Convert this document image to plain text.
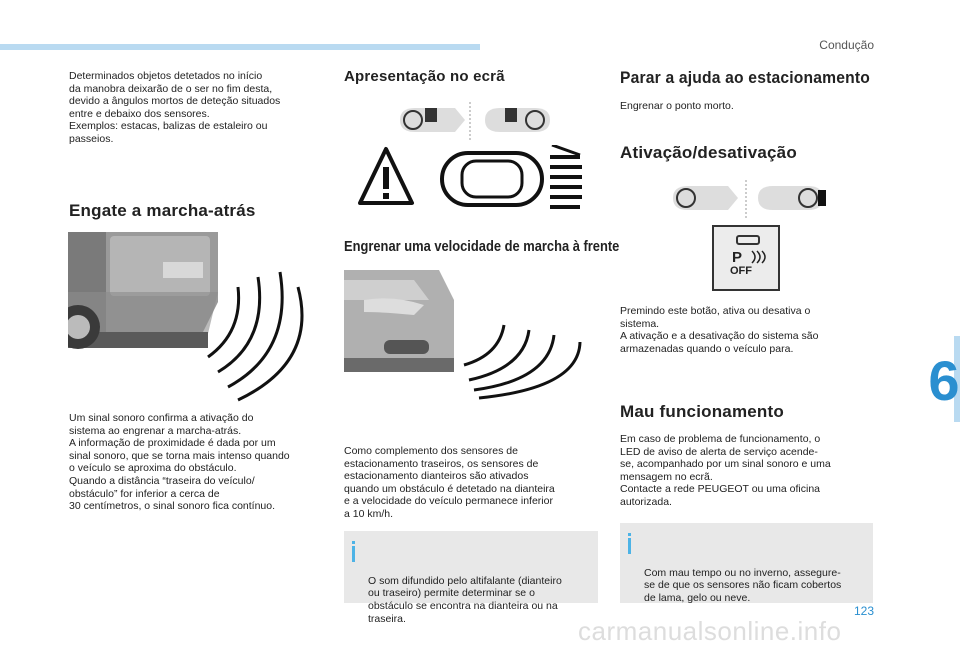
Condução
Determinados objetos detetados no início
da manobra deixarão de o ser no fim desta,
devido a ângulos mortos de deteção situados
entre e debaixo dos sensores.
Exemplos: estacas, balizas de estaleiro ou
passeios.
Engate a marcha-atrás
Um sinal sonoro confirma a ativação do
sistema ao engrenar a marcha-atrás.
A informação de proximidade é dada por um
sinal sonoro, que se torna mais intenso quando
o veículo se aproxima do obstáculo.
Quando a distância “traseira do veículo/
obstáculo” for inferior a cerca de
30 centímetros, o sinal sonoro fica contínuo.
Apresentação no ecrã
Engrenar uma velocidade de marcha à frente
Como complemento dos sensores de
estacionamento traseiros, os sensores de
estacionamento dianteiros são ativados
quando um obstáculo é detetado na dianteira
e a velocidade do veículo permanece inferior
a 10 km/h.

O som difundido pelo altifalante (dianteiro
ou traseiro) permite determinar se o
obstáculo se encontra na dianteira ou na
traseira.

Parar a ajuda ao estacionamento
Engrenar o ponto morto.
Ativação/desativação
P
OFF
Premindo este botão, ativa ou desativa o
sistema.
A ativação e a desativação do sistema são
armazenadas quando o veículo para.
Mau funcionamento
Em caso de problema de funcionamento, o
LED de aviso de alerta de serviço acende-
se, acompanhado por um sinal sonoro e uma
mensagem no ecrã.
Contacte a rede PEUGEOT ou uma oficina
autorizada.

Com mau tempo ou no inverno, assegure-
se de que os sensores não ficam cobertos
de lama, gelo ou neve.

6
123
carmanualsonline.info
